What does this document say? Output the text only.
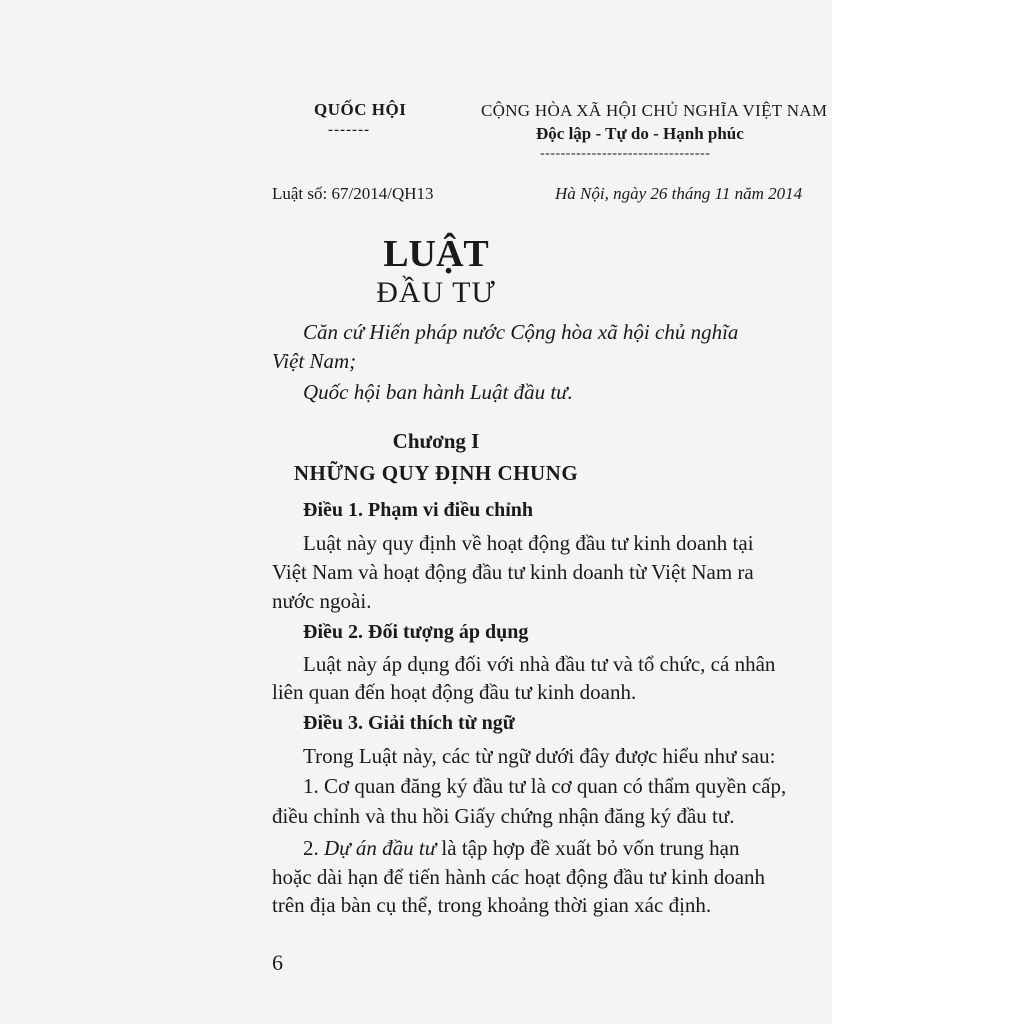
QUỐC HỘI
-------
CỘNG HÒA XÃ HỘI CHỦ NGHĨA VIỆT NAM
Độc lập - Tự do - Hạnh phúc
---------------------------------
Luật số: 67/2014/QH13	Hà Nội, ngày 26 tháng 11 năm 2014
LUẬT
ĐẦU TƯ
Căn cứ Hiến pháp nước Cộng hòa xã hội chủ nghĩa
Việt Nam;
Quốc hội ban hành Luật đầu tư.
Chương I
NHỮNG QUY ĐỊNH CHUNG
Điều 1. Phạm vi điều chỉnh
Luật này quy định về hoạt động đầu tư kinh doanh tại
Việt Nam và hoạt động đầu tư kinh doanh từ Việt Nam ra
nước ngoài.
Điều 2. Đối tượng áp dụng
Luật này áp dụng đối với nhà đầu tư và tổ chức, cá nhân
liên quan đến hoạt động đầu tư kinh doanh.
Điều 3. Giải thích từ ngữ
Trong Luật này, các từ ngữ dưới đây được hiểu như sau:
1. Cơ quan đăng ký đầu tư là cơ quan có thẩm quyền cấp,
điều chỉnh và thu hồi Giấy chứng nhận đăng ký đầu tư.
2. Dự án đầu tư là tập hợp đề xuất bỏ vốn trung hạn
hoặc dài hạn để tiến hành các hoạt động đầu tư kinh doanh
trên địa bàn cụ thể, trong khoảng thời gian xác định.
6
